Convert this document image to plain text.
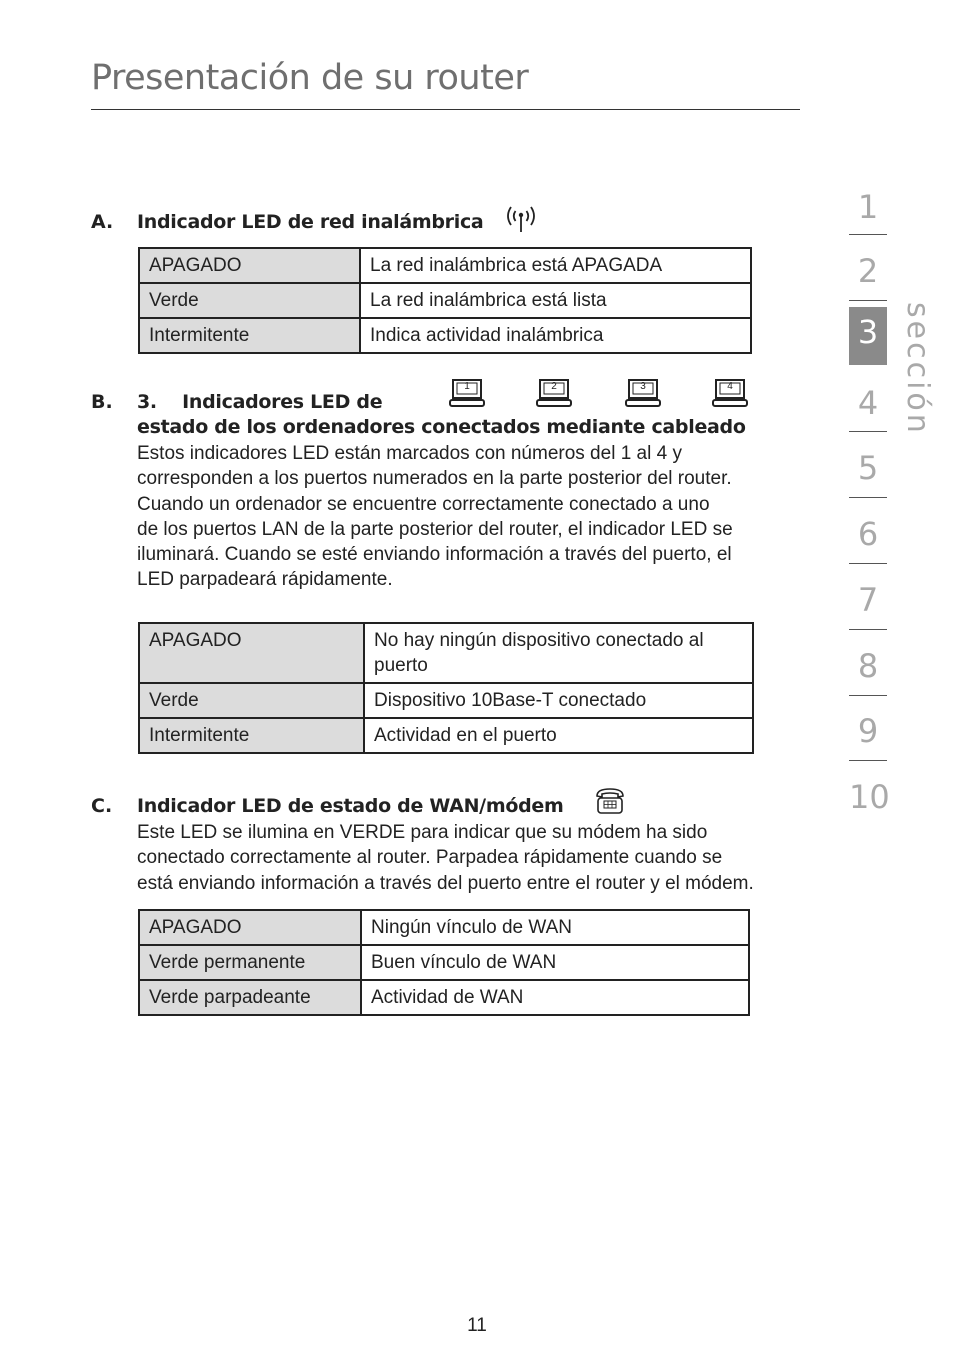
Presentación de su router
A. Indicador LED de red inalámbrica
APAGADO	La red inalámbrica está APAGADA
Verde	La red inalámbrica está lista
Intermitente	Indica actividad inalámbrica
B. 3.    Indicadores LED de
estado de los ordenadores conectados mediante cableado
1	2	3	4

Estos indicadores LED están marcados con números del 1 al 4 y

corresponden a los puertos numerados en la parte posterior del router.

Cuando un ordenador se encuentre correctamente conectado a uno

de los puertos LAN de la parte posterior del router, el indicador LED se

iluminará. Cuando se esté enviando información a través del puerto, el

LED parpadeará rápidamente.

APAGADO	No hay ningún dispositivo conectado al puerto
Verde	Dispositivo 10Base-T conectado
Intermitente	Actividad en el puerto
C. Indicador LED de estado de WAN/módem

Este LED se ilumina en VERDE para indicar que su módem ha sido

conectado correctamente al router. Parpadea rápidamente cuando se

está enviando información a través del puerto entre el router y el módem.

APAGADO	Ningún vínculo de WAN
Verde permanente	Buen vínculo de WAN
Verde parpadeante	Actividad de WAN
1
2
3
4
5
6
7
8
9
10
sección
11
